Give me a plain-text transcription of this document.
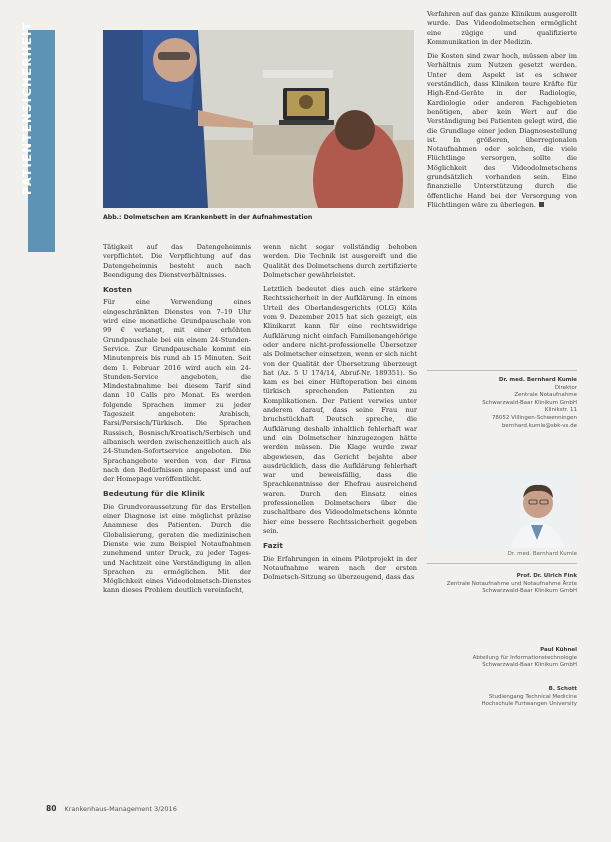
PATIENTENSICHERHEIT
Abb.: Dolmetschen am Krankenbett in der Aufnahmestation

Tätigkeit auf das Datengeheimnis verpflichtet. Die Verpflichtung auf das Datengeheimnis besteht auch nach Beendigung des Dienstverhältnisses.

Kosten

Für eine Verwendung eines eingeschränkten Dienstes von 7–19 Uhr wird eine monatliche Grundpauschale von 99 € verlangt, mit einer erhöhten Grundpauschale bei ein einem 24-Stunden-Service. Zur Grundpauschale kommt ein Minutenpreis bis rund ab 15 Minuten. Seit dem 1. Februar 2016 wird auch ein 24-Stunden-Service angeboten, die Mindestabnahme bei diesem Tarif sind dann 10 Calls pro Monat. Es werden folgende Sprachen immer zu jeder Tageszeit angeboten: Arabisch, Farsi/Persisch/Türkisch. Die Sprachen Russisch, Bosnisch/Kroatisch/Serbisch und albanisch werden zwischenzeitlich auch als 24-Stunden-Sofortservice angeboten. Die Sprachangebote werden von der Firma nach den Bedürfnissen angepasst und auf der Homepage veröffentlicht.

Bedeutung für die Klinik

Die Grundvoraussetzung für das Erstellen einer Diagnose ist eine möglichst präzise Anamnese des Patienten. Durch die Globalisierung, geraten die medizinischen Dienste wie zum Beispiel Notaufnahmen zunehmend unter Druck, zu jeder Tages- und Nachtzeit eine Verständigung in allen Sprachen zu ermöglichen. Mit der Möglichkeit eines Videodolmetsch-Dienstes kann dieses Problem deutlich vereinfacht,

wenn nicht sogar vollständig behoben werden. Die Technik ist ausgereift und die Qualität des Dolmetschens durch zertifizierte Dolmetscher gewährleistet.

Letztlich bedeutet dies auch eine stärkere Rechtssicherheit in der Aufklärung. In einem Urteil des Oberlandesgerichts (OLG) Köln vom 9. Dezember 2015 hat sich gezeigt, ein Klinikarzt kann für eine rechtswidrige Aufklärung nicht einfach Familienangehörige oder andere nicht-professionelle Übersetzer als Dolmetscher einsetzen, wenn er sich nicht von der Qualität der Übersetzung überzeugt hat (Az. 5 U 174/14, Abruf-Nr. 189351). So kam es bei einer Hüftoperation bei einem türkisch sprechenden Patienten zu Komplikationen. Der Patient verwies unter anderem darauf, dass seine Frau nur bruchstückhaft Deutsch spreche, die Aufklärung deshalb inhaltlich fehlerhaft war und ein Dolmetscher hinzugezogen hätte werden müssen. Die Klage wurde zwar abgewiesen, das Gericht bejahte aber ausdrücklich, dass die Aufklärung fehlerhaft war und beweisfällig, dass die Sprachkenntnisse der Ehefrau ausreichend waren. Durch den Einsatz eines professionellen Dolmetschers über die zuschaltbare des Videodolmetschens könnte hier eine bessere Rechtssicherheit gegeben sein.

Fazit

Die Erfahrungen in einem Pilotprojekt in der Notaufnahme waren nach der ersten Dolmetsch-Sitzung so überzeugend, dass das

Verfahren auf das ganze Klinikum ausgerollt wurde. Das Videodolmetschen ermöglicht eine zügige und qualifizierte Kommunikation in der Medizin.

Die Kosten sind zwar hoch, müssen aber im Verhältnis zum Nutzen gesetzt werden. Unter dem Aspekt ist es schwer verständlich, dass Kliniken teure Kräfte für High-End-Geräte in der Radiologie, Kardiologie oder anderen Fachgebieten benötigen, aber kein Wert auf die Verständigung bei Patienten gelegt wird, die die Grundlage einer jeden Diagnosestellung ist. In größeren, überregionalen Notaufnahmen oder solchen, die viele Flüchtlinge versorgen, sollte die Möglichkeit des Videodolmetschens grundsätzlich vorhanden sein. Eine finanzielle Unterstützung durch die öffentliche Hand bei der Versorgung von Flüchtlingen wäre zu überlegen.

Dr. med. Bernhard Kumle
Direktor
Zentrale Notaufnahme
Schwarzwald-Baar Klinikum GmbH
Klinikstr. 11
78052 Villingen-Schwenningen
bernhard.kumle@sbk-vs.de
Dr. med. Bernhard Kumle
Prof. Dr. Ulrich Fink
Zentrale Notaufnahme und Notaufnahme Ärzte
Schwarzwald-Baar Klinikum GmbH
Paul Kühnel
Abteilung für Informationstechnologie
Schwarzwald-Baar Klinikum GmbH
B. Schott
Studiengang Technical Medicine
Hochschule Furtwangen University
80 Krankenhaus-Management 3/2016
